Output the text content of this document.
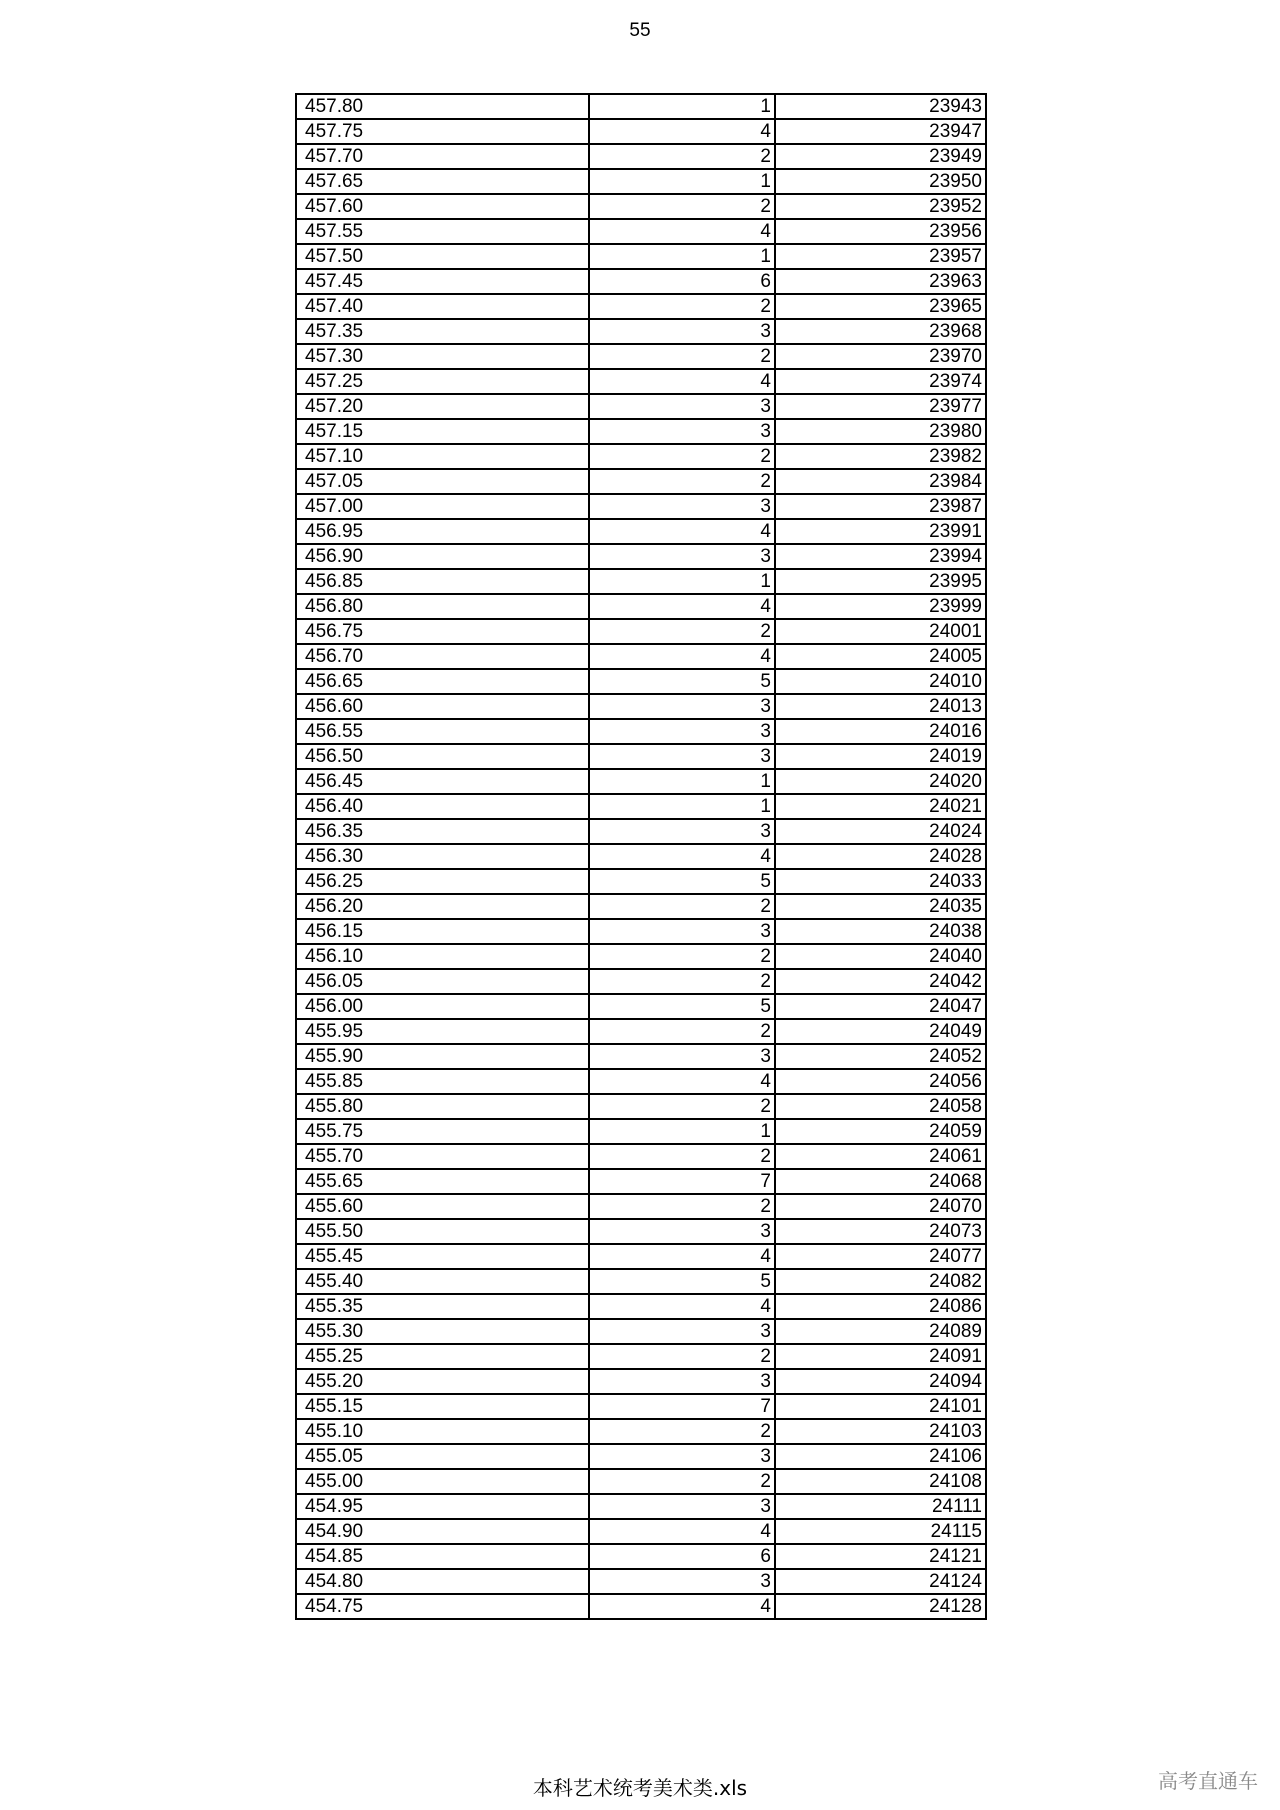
55
457.80	1	23943
457.75	4	23947
457.70	2	23949
457.65	1	23950
457.60	2	23952
457.55	4	23956
457.50	1	23957
457.45	6	23963
457.40	2	23965
457.35	3	23968
457.30	2	23970
457.25	4	23974
457.20	3	23977
457.15	3	23980
457.10	2	23982
457.05	2	23984
457.00	3	23987
456.95	4	23991
456.90	3	23994
456.85	1	23995
456.80	4	23999
456.75	2	24001
456.70	4	24005
456.65	5	24010
456.60	3	24013
456.55	3	24016
456.50	3	24019
456.45	1	24020
456.40	1	24021
456.35	3	24024
456.30	4	24028
456.25	5	24033
456.20	2	24035
456.15	3	24038
456.10	2	24040
456.05	2	24042
456.00	5	24047
455.95	2	24049
455.90	3	24052
455.85	4	24056
455.80	2	24058
455.75	1	24059
455.70	2	24061
455.65	7	24068
455.60	2	24070
455.50	3	24073
455.45	4	24077
455.40	5	24082
455.35	4	24086
455.30	3	24089
455.25	2	24091
455.20	3	24094
455.15	7	24101
455.10	2	24103
455.05	3	24106
455.00	2	24108
454.95	3	24111
454.90	4	24115
454.85	6	24121
454.80	3	24124
454.75	4	24128
本科艺术统考美术类.xls	高考直通车
